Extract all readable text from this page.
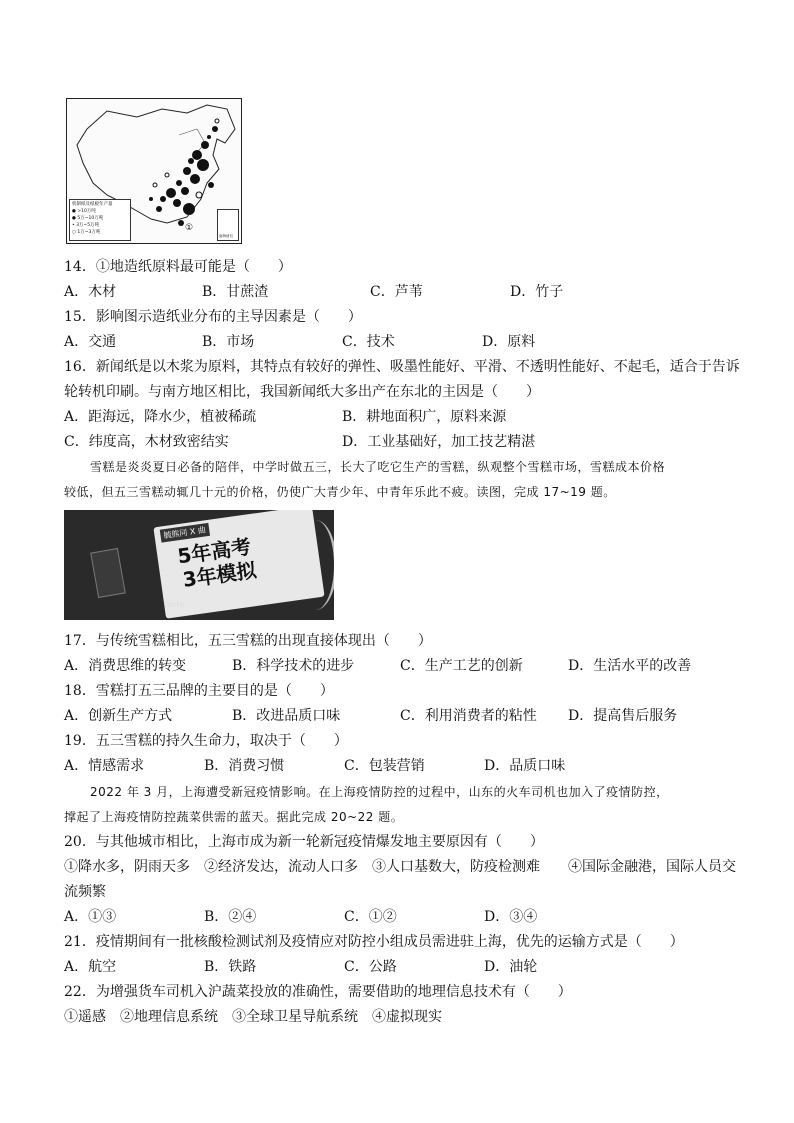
机制纸及纸板年产量
● >10万吨
● 5万~10万吨
• 3万~5万吨
○ 1万~3万吨	①
南海诸岛
14．①地造纸原料最可能是（　　）
A．木材	B．甘蔗渣	C．芦苇	D．竹子
15．影响图示造纸业分布的主导因素是（　　）
A．交通	B．市场	C．技术	D．原料
16．新闻纸是以木浆为原料，其特点有较好的弹性、吸墨性能好、平滑、不透明性能好、不起毛，适合于告诉
轮转机印刷。与南方地区相比，我国新闻纸大多出产在东北的主因是（　　）
A．距海远，降水少，植被稀疏	B．耕地面积广，原料来源
C．纬度高，木材致密结实	D．工业基础好，加工技艺精湛
雪糕是炎炎夏日必备的陪伴，中学时做五三，长大了吃它生产的雪糕，纵观整个雪糕市场，雪糕成本价格
较低，但五三雪糕动辄几十元的价格，仍使广大青少年、中青年乐此不疲。读图，完成 17~19 题。
毓熊同 X 曲
5年高考
3年模拟
taste
17．与传统雪糕相比，五三雪糕的出现直接体现出（　　）
A．消费思维的转变	B．科学技术的进步	C．生产工艺的创新	D．生活水平的改善
18．雪糕打五三品牌的主要目的是（　　）
A．创新生产方式	B．改进品质口味	C．利用消费者的粘性 D．提高售后服务
19．五三雪糕的持久生命力，取决于（　　）
A．情感需求	B．消费习惯	C．包装营销	D．品质口味
2022 年 3 月，上海遭受新冠疫情影响。在上海疫情防控的过程中，山东的火车司机也加入了疫情防控，
撑起了上海疫情防控蔬菜供需的蓝天。据此完成 20~22 题。
20．与其他城市相比，上海市成为新一轮新冠疫情爆发地主要原因有（　　）
①降水多，阴雨天多　②经济发达，流动人口多　③人口基数大，防疫检测难　　④国际金融港，国际人员交
流频繁
A．①③	B．②④	C．①②	D．③④
21．疫情期间有一批核酸检测试剂及疫情应对防控小组成员需进驻上海，优先的运输方式是（　　）
A．航空	B．铁路	C．公路	D．油轮
22．为增强货车司机入沪蔬菜投放的准确性，需要借助的地理信息技术有（　　）
①遥感　②地理信息系统　③全球卫星导航系统　④虚拟现实
